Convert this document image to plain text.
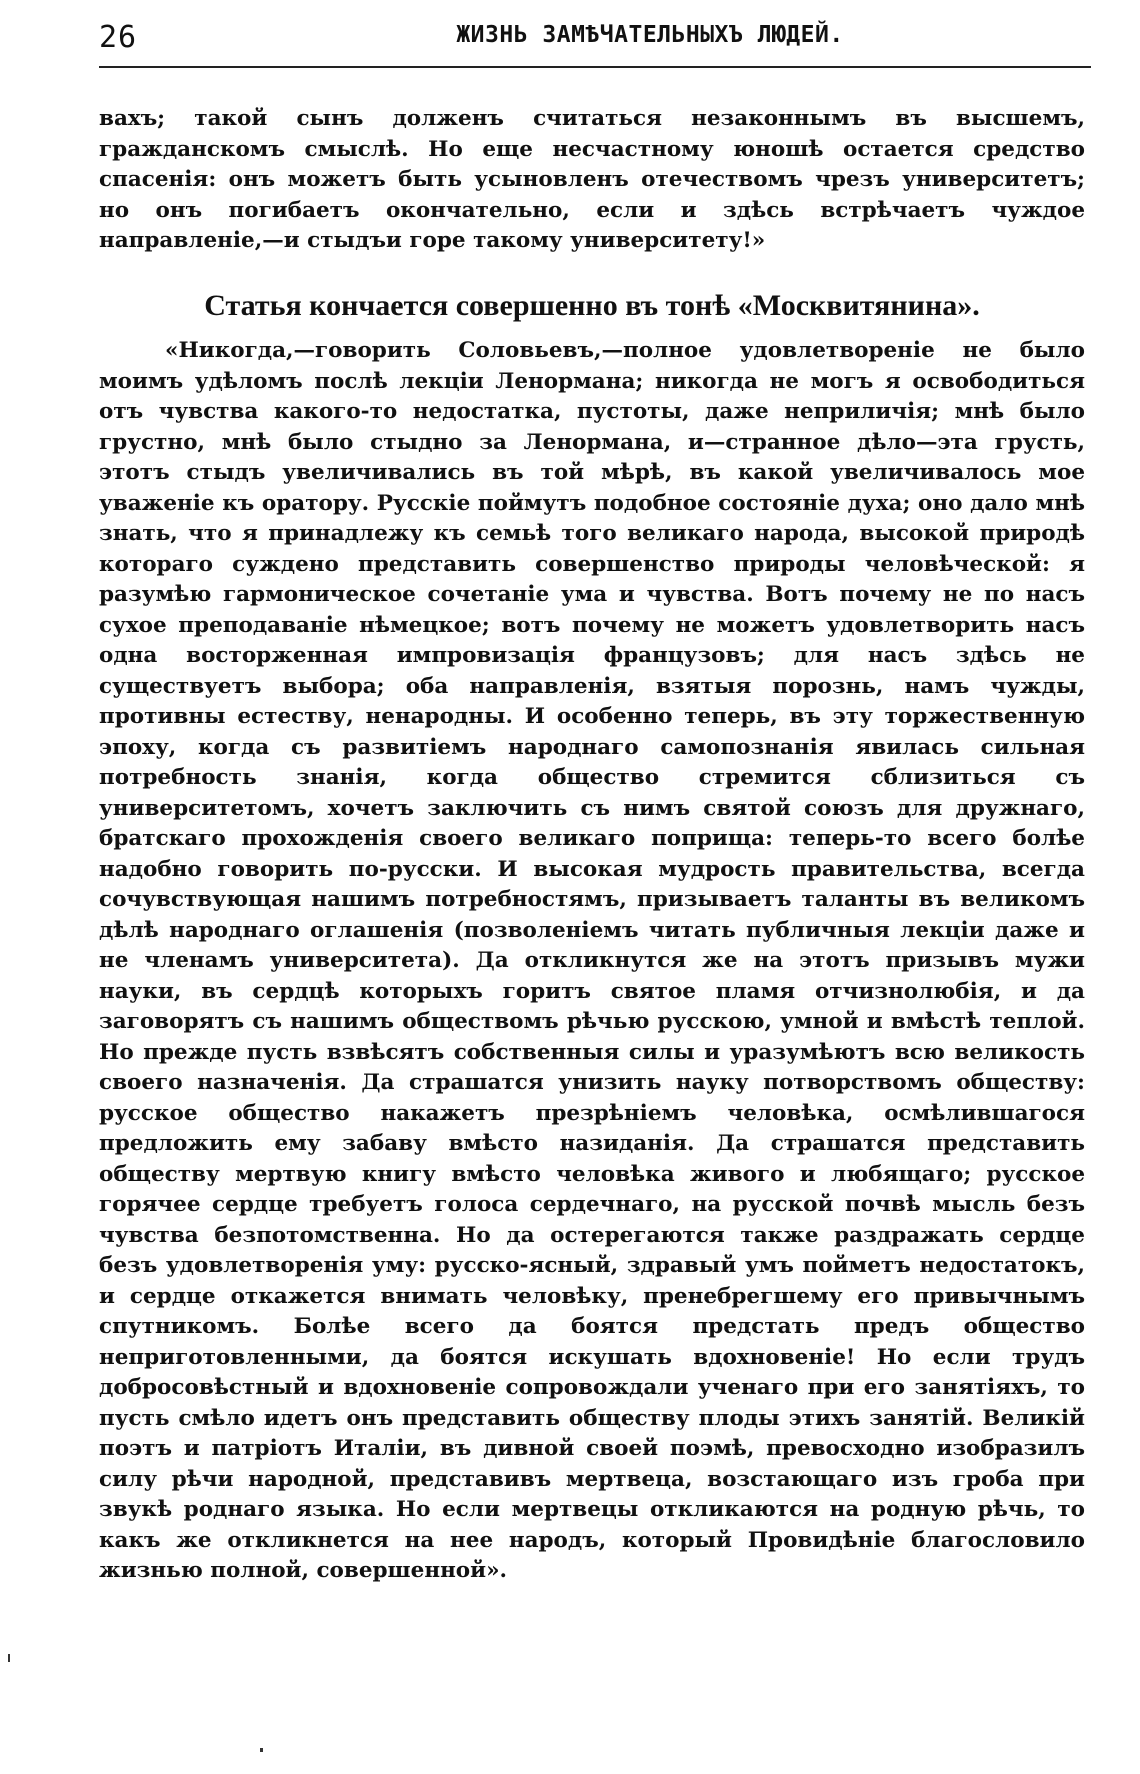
26	ЖИЗНЬ ЗАМѢЧАТЕЛЬНЫХЪ ЛЮДЕЙ.

вахъ; такой сынъ долженъ считаться незаконнымъ въ высшемъ, гражданскомъ смыслѣ. Но еще несчастному юношѣ остается средство спасенія: онъ можетъ быть усыновленъ отечествомъ чрезъ университетъ; но онъ погибаетъ окончательно, если и здѣсь встрѣчаетъ чуждое направленіе,—и стыдъи горе такому университету!»

Статья кончается совершенно въ тонѣ «Москвитянина».

«Никогда,—говорить Соловьевъ,—полное удовлетвореніе не было моимъ удѣломъ послѣ лекціи Ленормана; никогда не могъ я освободиться отъ чувства какого-то недостатка, пустоты, даже неприличія; мнѣ было грустно, мнѣ было стыдно за Ленормана, и—странное дѣло—эта грусть, этотъ стыдъ увеличивались въ той мѣрѣ, въ какой увеличивалось мое уваженіе къ оратору. Русскіе поймутъ подобное состояніе духа; оно дало мнѣ знать, что я принадлежу къ семьѣ того великаго народа, высокой природѣ котораго суждено представить совершенство природы человѣческой: я разумѣю гармоническое сочетаніе ума и чувства. Вотъ почему не по насъ сухое преподаваніе нѣмецкое; вотъ почему не можетъ удовлетворить насъ одна восторженная импровизація французовъ; для насъ здѣсь не существуетъ выбора; оба направленія, взятыя порознь, намъ чужды, противны естеству, ненародны. И особенно теперь, въ эту торжественную эпоху, когда съ развитіемъ народнаго самопознанія явилась сильная потребность знанія, когда общество стремится сблизиться съ университетомъ, хочетъ заключить съ нимъ святой союзъ для дружнаго, братскаго прохожденія своего великаго поприща: теперь-то всего болѣе надобно говорить по-русски. И высокая мудрость правительства, всегда сочувствующая нашимъ потребностямъ, призываетъ таланты въ великомъ дѣлѣ народнаго оглашенія (позволеніемъ читать публичныя лекціи даже и не членамъ университета). Да откликнутся же на этотъ призывъ мужи науки, въ сердцѣ которыхъ горитъ святое пламя отчизнолюбія, и да заговорятъ съ нашимъ обществомъ рѣчью русскою, умной и вмѣстѣ теплой. Но прежде пусть взвѣсятъ собственныя силы и уразумѣютъ всю великость своего назначенія. Да страшатся унизить науку потворствомъ обществу: русское общество накажетъ презрѣніемъ человѣка, осмѣлившагося предложить ему забаву вмѣсто назиданія. Да страшатся представить обществу мертвую книгу вмѣсто человѣка живого и любящаго; русское горячее сердце требуетъ голоса сердечнаго, на русской почвѣ мысль безъ чувства безпотомственна. Но да остерегаются также раздражать сердце безъ удовлетворенія уму: русско-ясный, здравый умъ пойметъ недостатокъ, и сердце откажется внимать человѣку, пренебрегшему его привычнымъ спутникомъ. Болѣе всего да боятся предстать предъ общество неприготовленными, да боятся искушать вдохновеніе! Но если трудъ добросовѣстный и вдохновеніе сопровождали ученаго при его занятіяхъ, то пусть смѣло идетъ онъ представить обществу плоды этихъ занятій. Великій поэтъ и патріотъ Италіи, въ дивной своей поэмѣ, превосходно изобразилъ силу рѣчи народной, представивъ мертвеца, возстающаго изъ гроба при звукѣ роднаго языка. Но если мертвецы откликаются на родную рѣчь, то какъ же откликнется на нее народъ, который Провидѣніе благословило жизнью полной, совершенной».
